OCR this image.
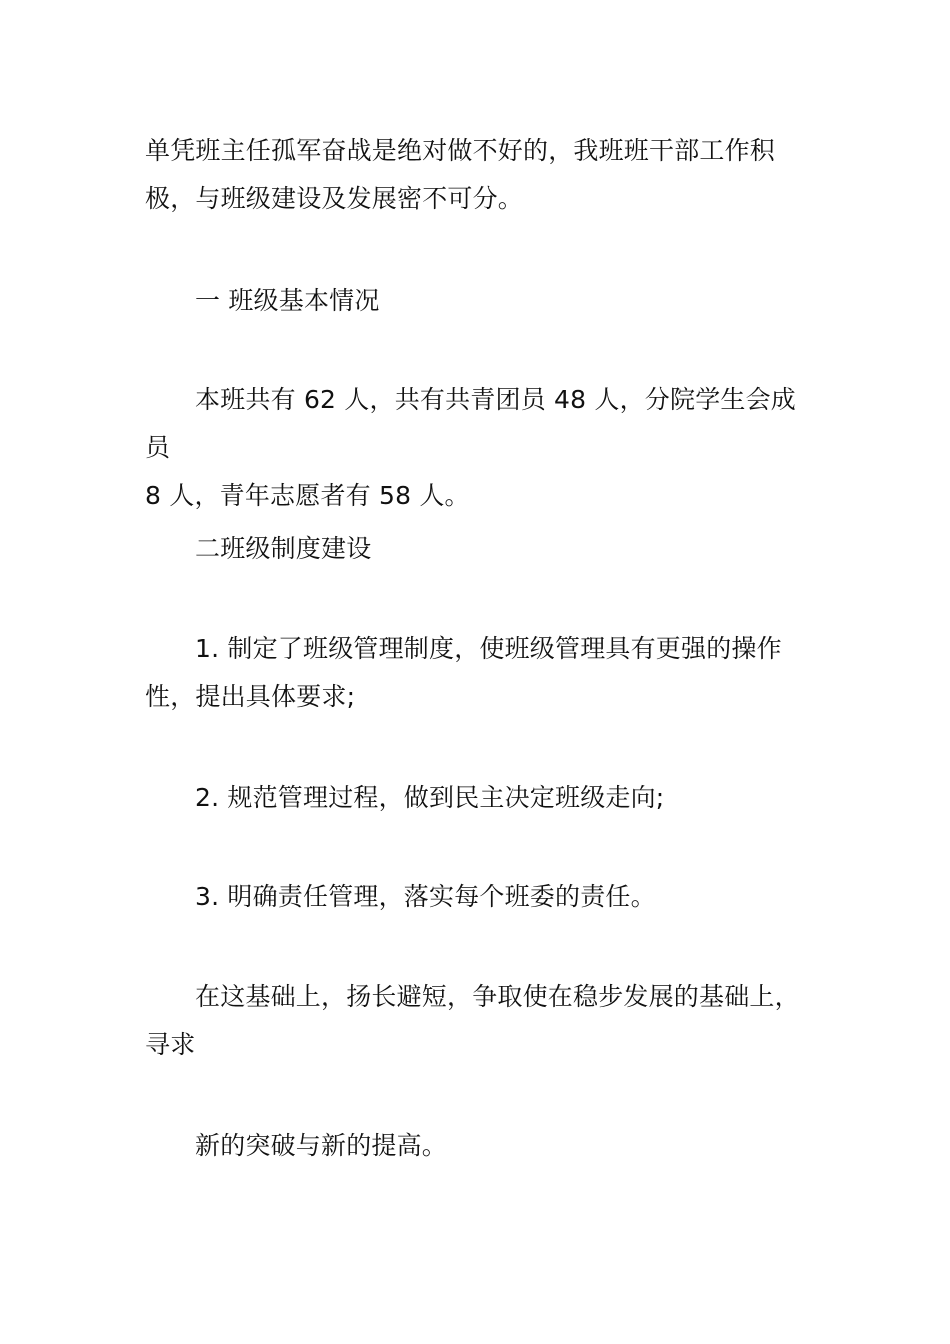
单凭班主任孤军奋战是绝对做不好的，我班班干部工作积
极，与班级建设及发展密不可分。

一 班级基本情况

本班共有 62 人，共有共青团员 48 人，分院学生会成员
8 人，青年志愿者有 58 人。

二班级制度建设

1. 制定了班级管理制度，使班级管理具有更强的操作
性，提出具体要求;

2. 规范管理过程，做到民主决定班级走向;

3. 明确责任管理，落实每个班委的责任。

在这基础上，扬长避短，争取使在稳步发展的基础上，
寻求

新的突破与新的提高。
